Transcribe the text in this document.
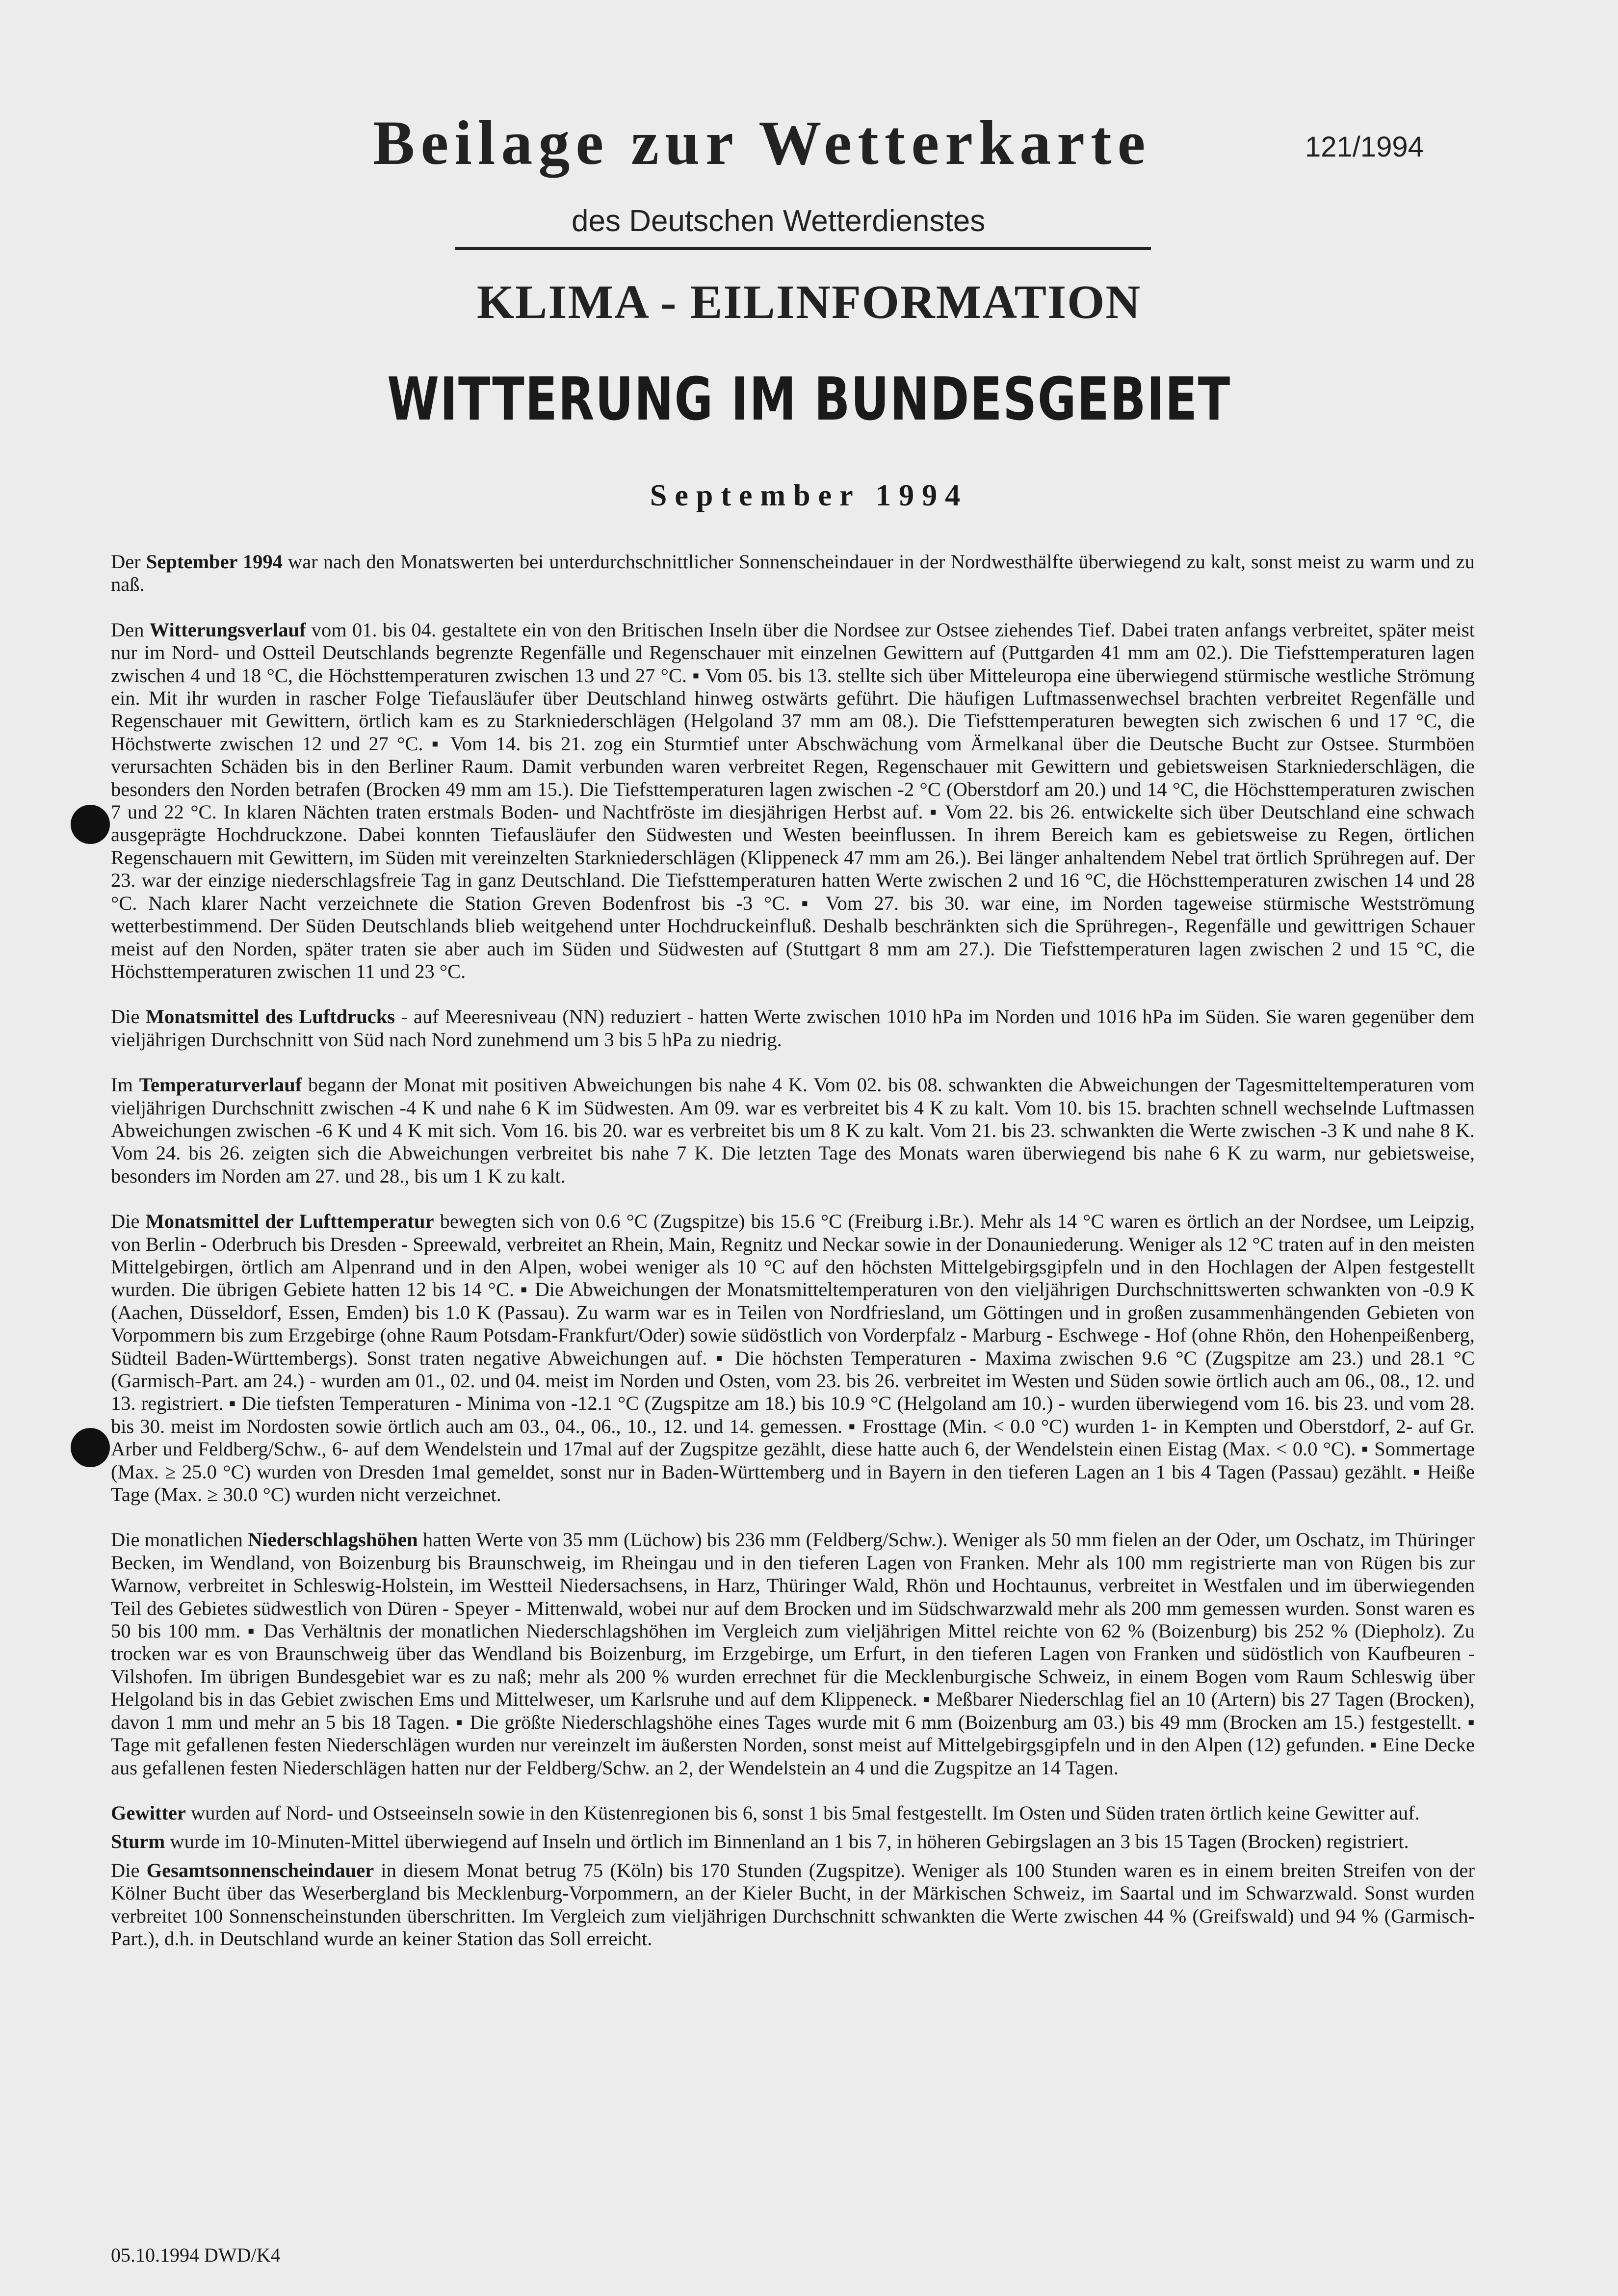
Beilage zur Wetterkarte	121/1994
des Deutschen Wetterdienstes
KLIMA - EILINFORMATION
WITTERUNG IM BUNDESGEBIET
September 1994

Der September 1994 war nach den Monatswerten bei unterdurchschnittlicher Sonnenscheindauer in der Nordwesthälfte überwiegend zu kalt, sonst meist zu warm und zu naß.

Den Witterungsverlauf vom 01. bis 04. gestaltete ein von den Britischen Inseln über die Nordsee zur Ostsee ziehendes Tief. Dabei traten anfangs verbreitet, später meist nur im Nord- und Ostteil Deutschlands begrenzte Regenfälle und Regenschauer mit einzelnen Gewittern auf (Puttgarden 41 mm am 02.). Die Tiefsttemperaturen lagen zwischen 4 und 18 °C, die Höchsttemperaturen zwischen 13 und 27 °C. ▪ Vom 05. bis 13. stellte sich über Mitteleuropa eine überwiegend stürmische westliche Strömung ein. Mit ihr wurden in rascher Folge Tiefausläufer über Deutschland hinweg ostwärts geführt. Die häufigen Luftmassenwechsel brachten verbreitet Regenfälle und Regenschauer mit Gewittern, örtlich kam es zu Starkniederschlägen (Helgoland 37 mm am 08.). Die Tiefsttemperaturen bewegten sich zwischen 6 und 17 °C, die Höchstwerte zwischen 12 und 27 °C. ▪ Vom 14. bis 21. zog ein Sturmtief unter Abschwächung vom Ärmelkanal über die Deutsche Bucht zur Ostsee. Sturmböen verursachten Schäden bis in den Berliner Raum. Damit verbunden waren verbreitet Regen, Regenschauer mit Gewittern und gebietsweisen Starkniederschlägen, die besonders den Norden betrafen (Brocken 49 mm am 15.). Die Tiefsttemperaturen lagen zwischen -2 °C (Oberstdorf am 20.) und 14 °C, die Höchsttemperaturen zwischen 7 und 22 °C. In klaren Nächten traten erstmals Boden- und Nachtfröste im diesjährigen Herbst auf. ▪ Vom 22. bis 26. entwickelte sich über Deutschland eine schwach ausgeprägte Hochdruckzone. Dabei konnten Tiefausläufer den Südwesten und Westen beeinflussen. In ihrem Bereich kam es gebietsweise zu Regen, örtlichen Regenschauern mit Gewittern, im Süden mit vereinzelten Starkniederschlägen (Klippeneck 47 mm am 26.). Bei länger anhaltendem Nebel trat örtlich Sprühregen auf. Der 23. war der einzige niederschlagsfreie Tag in ganz Deutschland. Die Tiefsttemperaturen hatten Werte zwischen 2 und 16 °C, die Höchsttemperaturen zwischen 14 und 28 °C. Nach klarer Nacht verzeichnete die Station Greven Bodenfrost bis -3 °C. ▪ Vom 27. bis 30. war eine, im Norden tageweise stürmische Westströmung wetterbestimmend. Der Süden Deutschlands blieb weitgehend unter Hochdruckeinfluß. Deshalb beschränkten sich die Sprühregen-, Regenfälle und gewittrigen Schauer meist auf den Norden, später traten sie aber auch im Süden und Südwesten auf (Stuttgart 8 mm am 27.). Die Tiefsttemperaturen lagen zwischen 2 und 15 °C, die Höchsttemperaturen zwischen 11 und 23 °C.

Die Monatsmittel des Luftdrucks - auf Meeresniveau (NN) reduziert - hatten Werte zwischen 1010 hPa im Norden und 1016 hPa im Süden. Sie waren gegenüber dem vieljährigen Durchschnitt von Süd nach Nord zunehmend um 3 bis 5 hPa zu niedrig.

Im Temperaturverlauf begann der Monat mit positiven Abweichungen bis nahe 4 K. Vom 02. bis 08. schwankten die Abweichungen der Tagesmitteltemperaturen vom vieljährigen Durchschnitt zwischen -4 K und nahe 6 K im Südwesten. Am 09. war es verbreitet bis 4 K zu kalt. Vom 10. bis 15. brachten schnell wechselnde Luftmassen Abweichungen zwischen -6 K und 4 K mit sich. Vom 16. bis 20. war es verbreitet bis um 8 K zu kalt. Vom 21. bis 23. schwankten die Werte zwischen -3 K und nahe 8 K. Vom 24. bis 26. zeigten sich die Abweichungen verbreitet bis nahe 7 K. Die letzten Tage des Monats waren überwiegend bis nahe 6 K zu warm, nur gebietsweise, besonders im Norden am 27. und 28., bis um 1 K zu kalt.

Die Monatsmittel der Lufttemperatur bewegten sich von 0.6 °C (Zugspitze) bis 15.6 °C (Freiburg i.Br.). Mehr als 14 °C waren es örtlich an der Nordsee, um Leipzig, von Berlin - Oderbruch bis Dresden - Spreewald, verbreitet an Rhein, Main, Regnitz und Neckar sowie in der Donauniederung. Weniger als 12 °C traten auf in den meisten Mittelgebirgen, örtlich am Alpenrand und in den Alpen, wobei weniger als 10 °C auf den höchsten Mittelgebirgsgipfeln und in den Hochlagen der Alpen festgestellt wurden. Die übrigen Gebiete hatten 12 bis 14 °C. ▪ Die Abweichungen der Monatsmitteltemperaturen von den vieljährigen Durchschnittswerten schwankten von -0.9 K (Aachen, Düsseldorf, Essen, Emden) bis 1.0 K (Passau). Zu warm war es in Teilen von Nordfriesland, um Göttingen und in großen zusammenhängenden Gebieten von Vorpommern bis zum Erzgebirge (ohne Raum Potsdam-Frankfurt/Oder) sowie südöstlich von Vorderpfalz - Marburg - Eschwege - Hof (ohne Rhön, den Hohenpeißenberg, Südteil Baden-Württembergs). Sonst traten negative Abweichungen auf. ▪ Die höchsten Temperaturen - Maxima zwischen 9.6 °C (Zugspitze am 23.) und 28.1 °C (Garmisch-Part. am 24.) - wurden am 01., 02. und 04. meist im Norden und Osten, vom 23. bis 26. verbreitet im Westen und Süden sowie örtlich auch am 06., 08., 12. und 13. registriert. ▪ Die tiefsten Temperaturen - Minima von -12.1 °C (Zugspitze am 18.) bis 10.9 °C (Helgoland am 10.) - wurden überwiegend vom 16. bis 23. und vom 28. bis 30. meist im Nordosten sowie örtlich auch am 03., 04., 06., 10., 12. und 14. gemessen. ▪ Frosttage (Min. < 0.0 °C) wurden 1- in Kempten und Oberstdorf, 2- auf Gr. Arber und Feldberg/Schw., 6- auf dem Wendelstein und 17mal auf der Zugspitze gezählt, diese hatte auch 6, der Wendelstein einen Eistag (Max. < 0.0 °C). ▪ Sommertage (Max. ≥ 25.0 °C) wurden von Dresden 1mal gemeldet, sonst nur in Baden-Württemberg und in Bayern in den tieferen Lagen an 1 bis 4 Tagen (Passau) gezählt. ▪ Heiße Tage (Max. ≥ 30.0 °C) wurden nicht verzeichnet.

Die monatlichen Niederschlagshöhen hatten Werte von 35 mm (Lüchow) bis 236 mm (Feldberg/Schw.). Weniger als 50 mm fielen an der Oder, um Oschatz, im Thüringer Becken, im Wendland, von Boizenburg bis Braunschweig, im Rheingau und in den tieferen Lagen von Franken. Mehr als 100 mm registrierte man von Rügen bis zur Warnow, verbreitet in Schleswig-Holstein, im Westteil Niedersachsens, in Harz, Thüringer Wald, Rhön und Hochtaunus, verbreitet in Westfalen und im überwiegenden Teil des Gebietes südwestlich von Düren - Speyer - Mittenwald, wobei nur auf dem Brocken und im Südschwarzwald mehr als 200 mm gemessen wurden. Sonst waren es 50 bis 100 mm. ▪ Das Verhältnis der monatlichen Niederschlagshöhen im Vergleich zum vieljährigen Mittel reichte von 62 % (Boizenburg) bis 252 % (Diepholz). Zu trocken war es von Braunschweig über das Wendland bis Boizenburg, im Erzgebirge, um Erfurt, in den tieferen Lagen von Franken und südöstlich von Kaufbeuren - Vilshofen. Im übrigen Bundesgebiet war es zu naß; mehr als 200 % wurden errechnet für die Mecklenburgische Schweiz, in einem Bogen vom Raum Schleswig über Helgoland bis in das Gebiet zwischen Ems und Mittelweser, um Karlsruhe und auf dem Klippeneck. ▪ Meßbarer Niederschlag fiel an 10 (Artern) bis 27 Tagen (Brocken), davon 1 mm und mehr an 5 bis 18 Tagen. ▪ Die größte Niederschlagshöhe eines Tages wurde mit 6 mm (Boizenburg am 03.) bis 49 mm (Brocken am 15.) festgestellt. ▪ Tage mit gefallenen festen Niederschlägen wurden nur vereinzelt im äußersten Norden, sonst meist auf Mittelgebirgsgipfeln und in den Alpen (12) gefunden. ▪ Eine Decke aus gefallenen festen Niederschlägen hatten nur der Feldberg/Schw. an 2, der Wendelstein an 4 und die Zugspitze an 14 Tagen.

Gewitter wurden auf Nord- und Ostseeinseln sowie in den Küstenregionen bis 6, sonst 1 bis 5mal festgestellt. Im Osten und Süden traten örtlich keine Gewitter auf.

Sturm wurde im 10-Minuten-Mittel überwiegend auf Inseln und örtlich im Binnenland an 1 bis 7, in höheren Gebirgslagen an 3 bis 15 Tagen (Brocken) registriert.

Die Gesamtsonnenscheindauer in diesem Monat betrug 75 (Köln) bis 170 Stunden (Zugspitze). Weniger als 100 Stunden waren es in einem breiten Streifen von der Kölner Bucht über das Weserbergland bis Mecklenburg-Vorpommern, an der Kieler Bucht, in der Märkischen Schweiz, im Saartal und im Schwarzwald. Sonst wurden verbreitet 100 Sonnenscheinstunden überschritten. Im Vergleich zum vieljährigen Durchschnitt schwankten die Werte zwischen 44 % (Greifswald) und 94 % (Garmisch-Part.), d.h. in Deutschland wurde an keiner Station das Soll erreicht.

05.10.1994 DWD/K4
